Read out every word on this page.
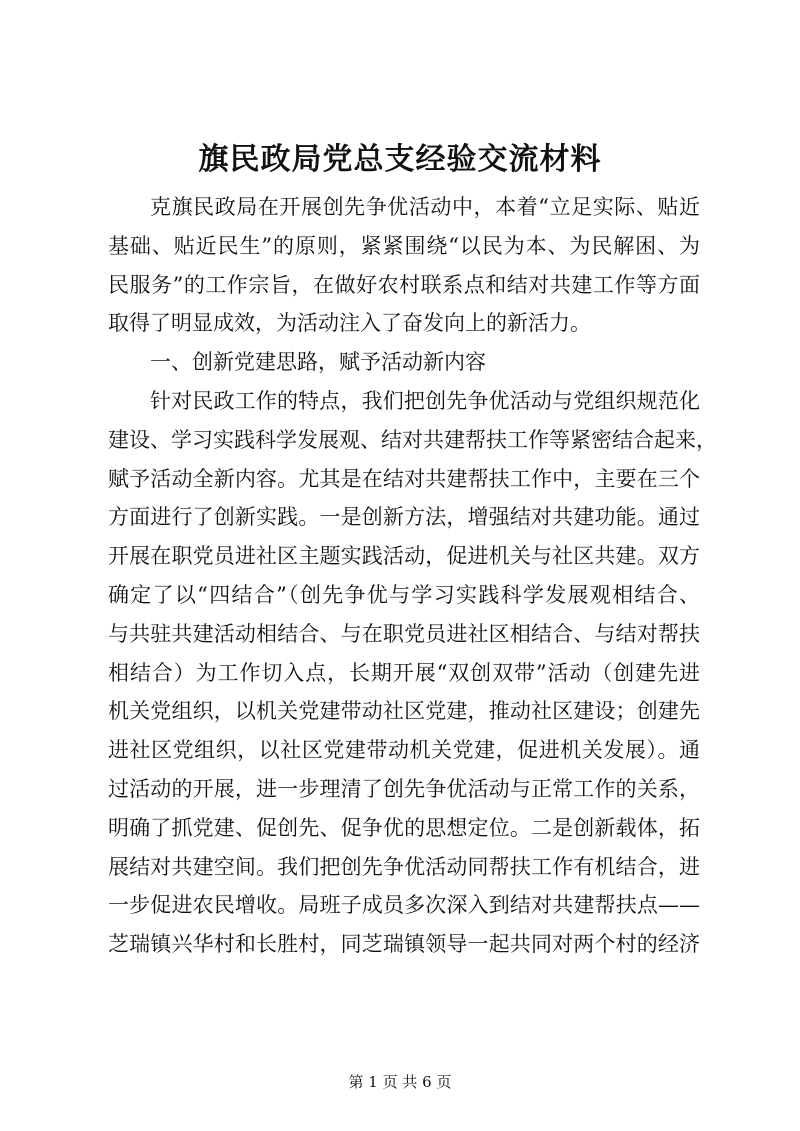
旗民政局党总支经验交流材料
克旗民政局在开展创先争优活动中，本着“立足实际、贴近
基础、贴近民生”的原则，紧紧围绕“以民为本、为民解困、为
民服务”的工作宗旨，在做好农村联系点和结对共建工作等方面
取得了明显成效，为活动注入了奋发向上的新活力。
一、创新党建思路，赋予活动新内容
针对民政工作的特点，我们把创先争优活动与党组织规范化
建设、学习实践科学发展观、结对共建帮扶工作等紧密结合起来，
赋予活动全新内容。尤其是在结对共建帮扶工作中，主要在三个
方面进行了创新实践。一是创新方法，增强结对共建功能。通过
开展在职党员进社区主题实践活动，促进机关与社区共建。双方
确定了以“四结合”（创先争优与学习实践科学发展观相结合、
与共驻共建活动相结合、与在职党员进社区相结合、与结对帮扶
相结合）为工作切入点，长期开展“双创双带”活动（创建先进
机关党组织，以机关党建带动社区党建，推动社区建设；创建先
进社区党组织，以社区党建带动机关党建，促进机关发展）。通
过活动的开展，进一步理清了创先争优活动与正常工作的关系，
明确了抓党建、促创先、促争优的思想定位。二是创新载体，拓
展结对共建空间。我们把创先争优活动同帮扶工作有机结合，进
一步促进农民增收。局班子成员多次深入到结对共建帮扶点——
芝瑞镇兴华村和长胜村，同芝瑞镇领导一起共同对两个村的经济
第 1 页 共 6 页
